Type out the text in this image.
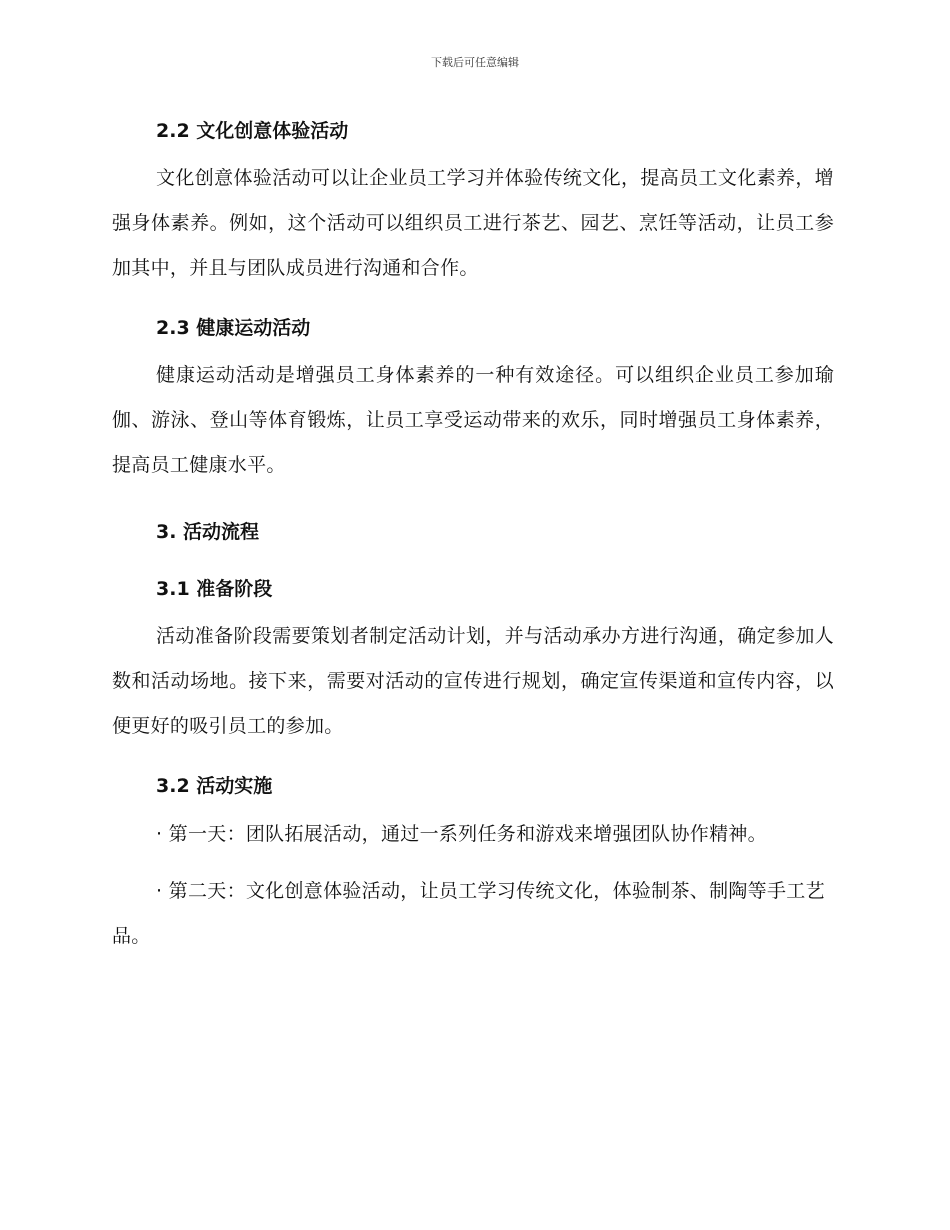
下载后可任意编辑

2.2 文化创意体验活动

文化创意体验活动可以让企业员工学习并体验传统文化，提高员工文化素养，增强身体素养。例如，这个活动可以组织员工进行茶艺、园艺、烹饪等活动，让员工参加其中，并且与团队成员进行沟通和合作。

2.3 健康运动活动

健康运动活动是增强员工身体素养的一种有效途径。可以组织企业员工参加瑜伽、游泳、登山等体育锻炼，让员工享受运动带来的欢乐，同时增强员工身体素养，提高员工健康水平。

3. 活动流程

3.1 准备阶段

活动准备阶段需要策划者制定活动计划，并与活动承办方进行沟通，确定参加人数和活动场地。接下来，需要对活动的宣传进行规划，确定宣传渠道和宣传内容，以便更好的吸引员工的参加。

3.2 活动实施

· 第一天：团队拓展活动，通过一系列任务和游戏来增强团队协作精神。

· 第二天：文化创意体验活动，让员工学习传统文化，体验制茶、制陶等手工艺品。
